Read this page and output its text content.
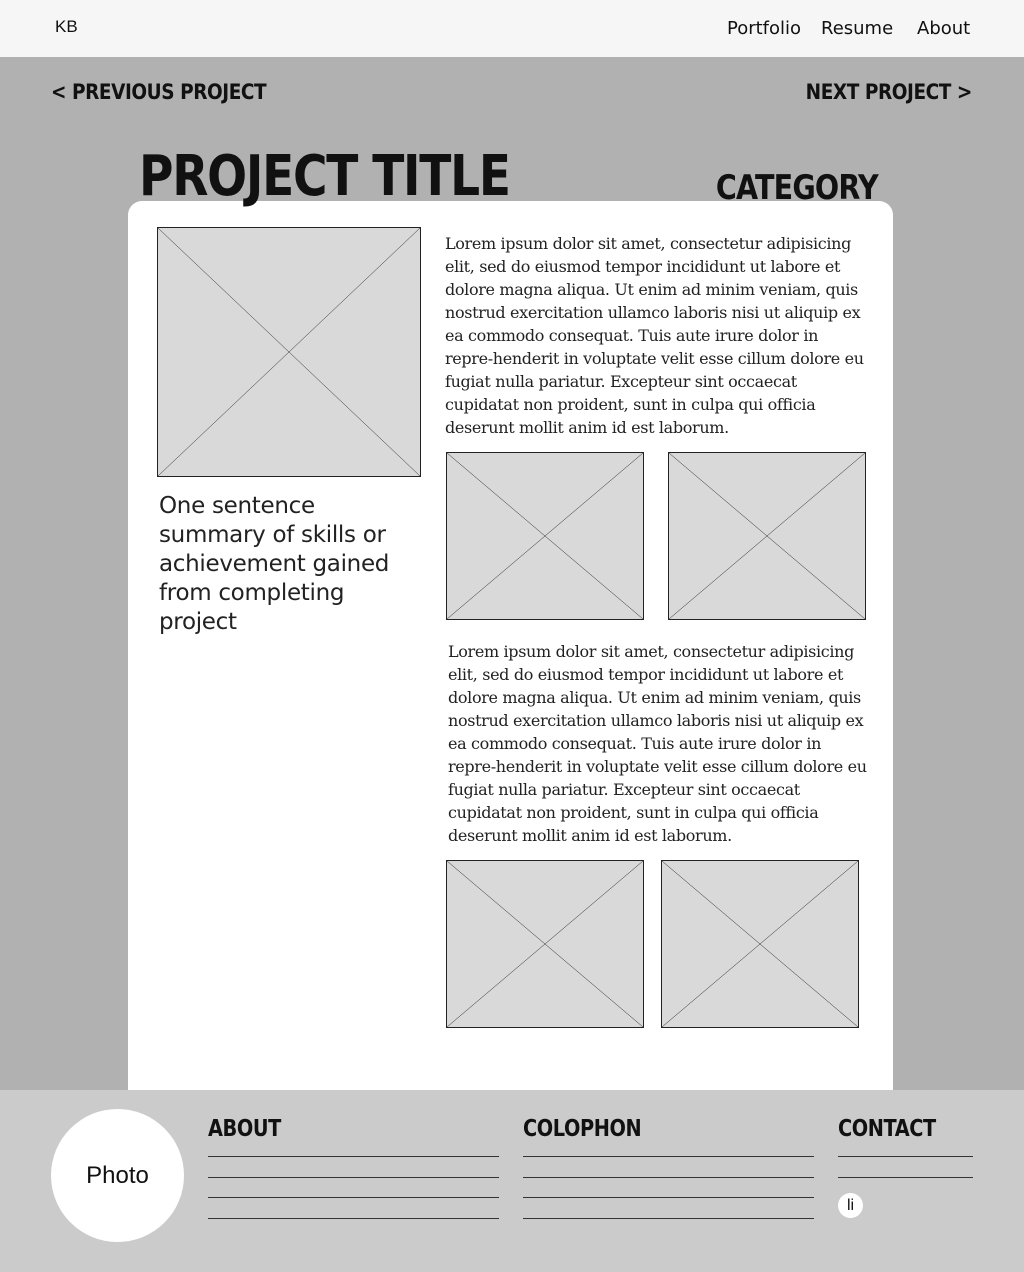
KB	Portfolio Resume About
< PREVIOUS PROJECT	NEXT PROJECT >
PROJECT TITLE	CATEGORY

One sentence summary of skills or achievement gained from completing project

Lorem ipsum dolor sit amet, consectetur adipisicing elit, sed do eiusmod tempor incididunt ut labore et dolore magna aliqua. Ut enim ad minim veniam, quis nostrud exercitation ullamco laboris nisi ut aliquip ex ea commodo consequat. Tuis aute irure dolor in repre-henderit in voluptate velit esse cillum dolore eu fugiat nulla pariatur. Excepteur sint occaecat cupidatat non proident, sunt in culpa qui officia deserunt mollit anim id est laborum.

Lorem ipsum dolor sit amet, consectetur adipisicing elit, sed do eiusmod tempor incididunt ut labore et dolore magna aliqua. Ut enim ad minim veniam, quis nostrud exercitation ullamco laboris nisi ut aliquip ex ea commodo consequat. Tuis aute irure dolor in repre-henderit in voluptate velit esse cillum dolore eu fugiat nulla pariatur. Excepteur sint occaecat cupidatat non proident, sunt in culpa qui officia deserunt mollit anim id est laborum.

Photo
ABOUT	COLOPHON	CONTACT
li
